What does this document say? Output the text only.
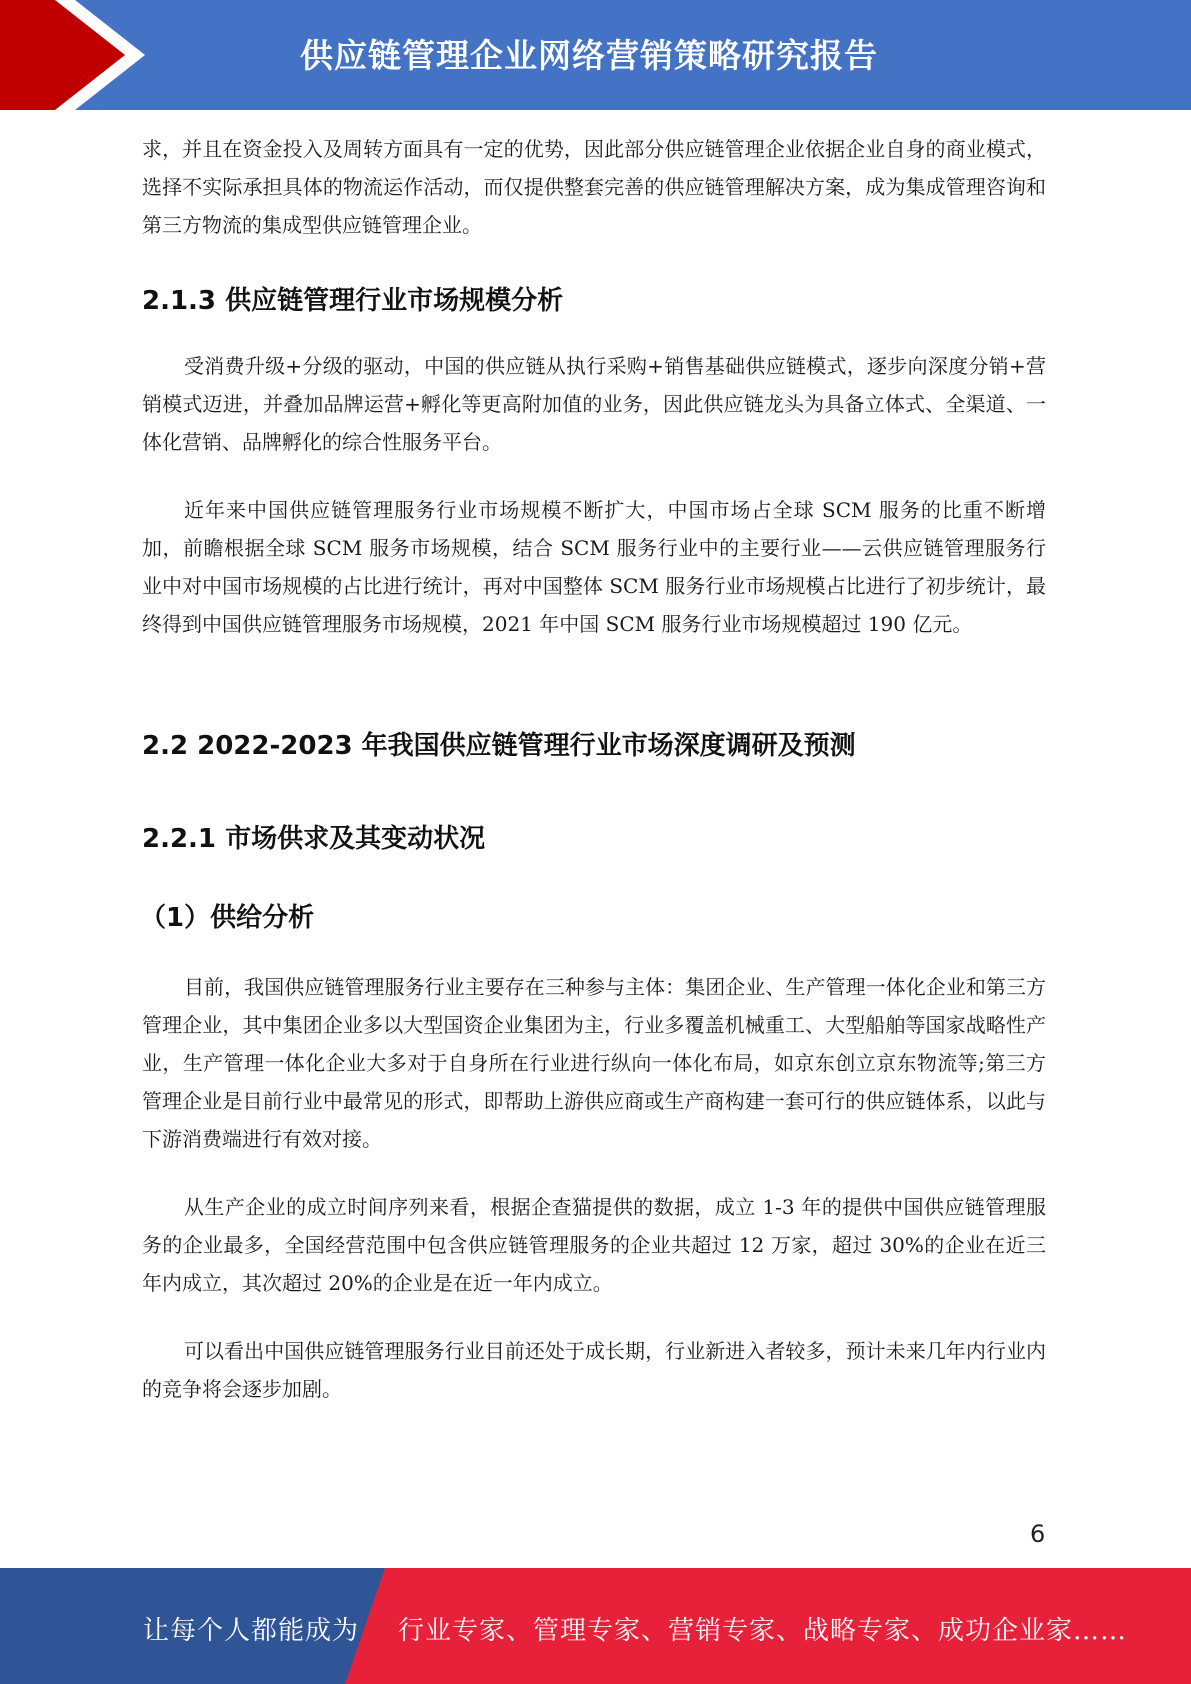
供应链管理企业网络营销策略研究报告

求，并且在资金投入及周转方面具有一定的优势，因此部分供应链管理企业依据企业自身的商业模式，选择不实际承担具体的物流运作活动，而仅提供整套完善的供应链管理解决方案，成为集成管理咨询和第三方物流的集成型供应链管理企业。

2.1.3 供应链管理行业市场规模分析

受消费升级+分级的驱动，中国的供应链从执行采购+销售基础供应链模式，逐步向深度分销+营销模式迈进，并叠加品牌运营+孵化等更高附加值的业务，因此供应链龙头为具备立体式、全渠道、一体化营销、品牌孵化的综合性服务平台。

近年来中国供应链管理服务行业市场规模不断扩大，中国市场占全球 SCM 服务的比重不断增加，前瞻根据全球 SCM 服务市场规模，结合 SCM 服务行业中的主要行业——云供应链管理服务行业中对中国市场规模的占比进行统计，再对中国整体 SCM 服务行业市场规模占比进行了初步统计，最终得到中国供应链管理服务市场规模，2021 年中国 SCM 服务行业市场规模超过 190 亿元。

2.2 2022-2023 年我国供应链管理行业市场深度调研及预测
2.2.1 市场供求及其变动状况
（1）供给分析

目前，我国供应链管理服务行业主要存在三种参与主体：集团企业、生产管理一体化企业和第三方管理企业，其中集团企业多以大型国资企业集团为主，行业多覆盖机械重工、大型船舶等国家战略性产业，生产管理一体化企业大多对于自身所在行业进行纵向一体化布局，如京东创立京东物流等;第三方管理企业是目前行业中最常见的形式，即帮助上游供应商或生产商构建一套可行的供应链体系，以此与下游消费端进行有效对接。

从生产企业的成立时间序列来看，根据企查猫提供的数据，成立 1-3 年的提供中国供应链管理服务的企业最多，全国经营范围中包含供应链管理服务的企业共超过 12 万家，超过 30%的企业在近三年内成立，其次超过 20%的企业是在近一年内成立。

可以看出中国供应链管理服务行业目前还处于成长期，行业新进入者较多，预计未来几年内行业内的竞争将会逐步加剧。

6
让每个人都能成为 行业专家、管理专家、营销专家、战略专家、成功企业家……
